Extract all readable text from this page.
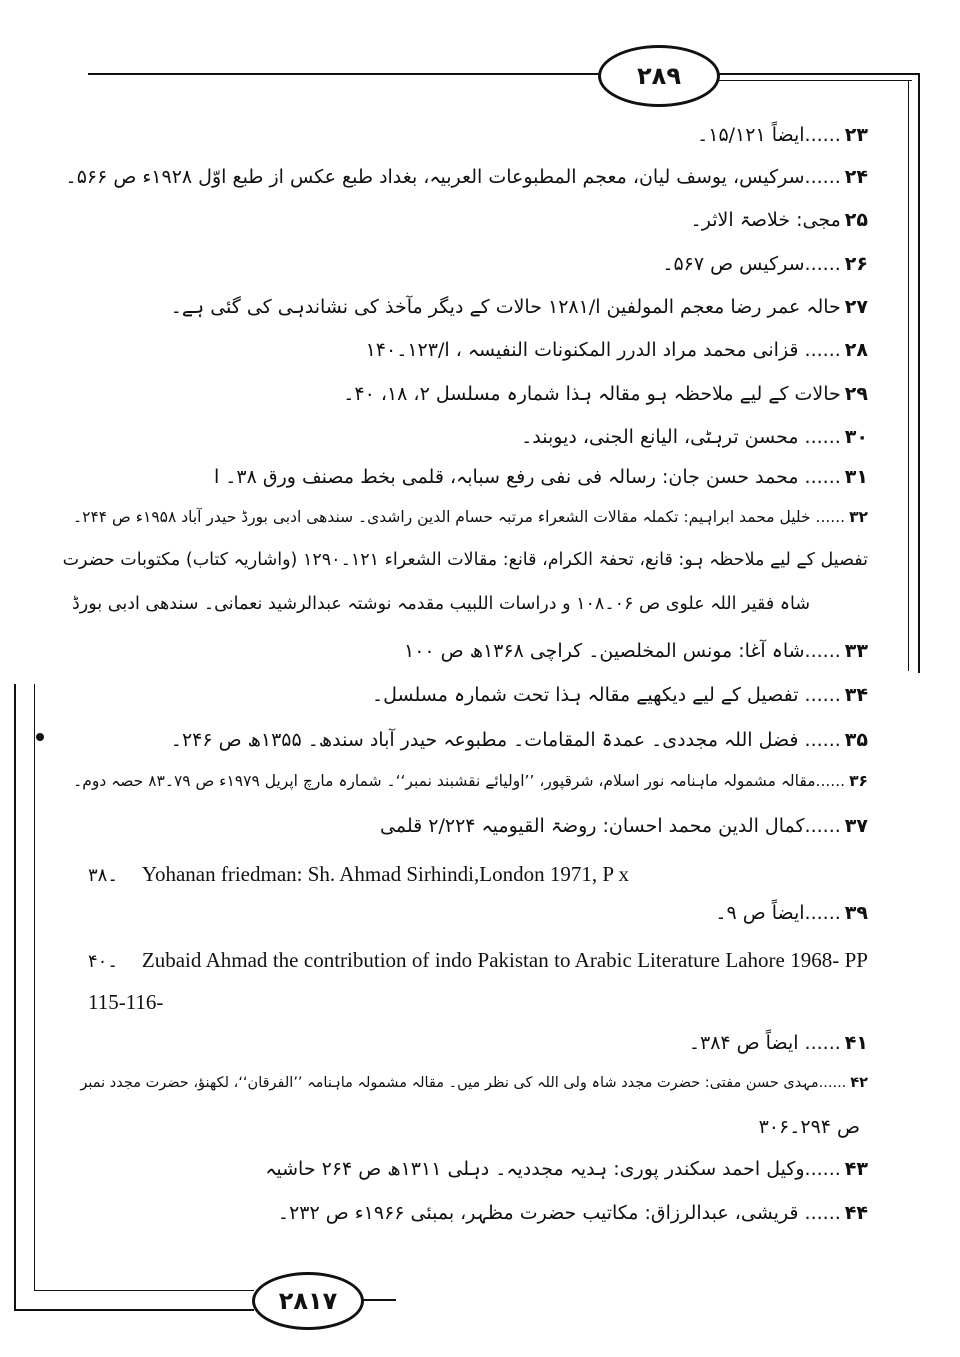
۲۸۹
۲۸۱۷
۲۳......ایضاً ۱۵/۱۲۱۔
۲۴......سرکیس، یوسف لیان، معجم المطبوعات العربیہ، بغداد طبع عکس از طبع اوّل ۱۹۲۸ء ص ۵۶۶۔
۲۵مجی: خلاصۃ الاثر۔
۲۶......سرکیس ص ۵۶۷۔
۲۷حالہ عمر رضا معجم المولفین ا/۱۲۸۱ حالات کے دیگر مآخذ کی نشاندہی کی گئی ہے۔
۲۸...... قزانی محمد مراد الدرر المکنونات النفیسہ ، ا/۱۲۳۔۱۴۰
۲۹حالات کے لیے ملاحظہ ہو مقالہ ہذا شمارہ مسلسل ۲، ۱۸، ۴۰۔
۳۰...... محسن ترہٹی، الیانع الجنی، دیوبند۔
۳۱...... محمد حسن جان: رسالہ فی نفی رفع سبابہ، قلمی بخط مصنف ورق ۳۸۔ ا
۳۲...... خلیل محمد ابراہیم: تکملہ مقالات الشعراء مرتبہ حسام الدین راشدی۔ سندھی ادبی بورڈ حیدر آباد ۱۹۵۸ء ص ۲۴۴۔
تفصیل کے لیے ملاحظہ ہو: قانع، تحفۃ الکرام، قانع: مقالات الشعراء ۱۲۱۔۱۲۹۰ (واشاریہ کتاب) مکتوبات حضرت
شاہ فقیر اللہ علوی ص ۰۶۔۱۰۸ و دراسات اللبیب مقدمہ نوشتہ عبدالرشید نعمانی۔ سندھی ادبی بورڈ
۳۳......شاہ آغا: مونس المخلصین۔ کراچی ۱۳۶۸ھ ص ۱۰۰
۳۴...... تفصیل کے لیے دیکھیے مقالہ ہذا تحت شمارہ مسلسل۔
۳۵...... فضل اللہ مجددی۔ عمدۃ المقامات۔ مطبوعہ حیدر آباد سندھ۔ ۱۳۵۵ھ ص ۲۴۶۔
۳۶......مقالہ مشمولہ ماہنامہ نور اسلام، شرقپور، ’’اولیائے نقشبند نمبر‘‘۔ شمارہ مارچ اپریل ۱۹۷۹ء ص ۷۹۔۸۳ حصہ دوم۔
۳۷......کمال الدین محمد احسان: روضۃ القیومیہ ۲/۲۲۴ قلمی
۳۸۔ Yohanan friedman: Sh. Ahmad Sirhindi,London 1971, P x
۳۹......ایضاً ص ۹۔
۴۰۔ Zubaid Ahmad the contribution of indo Pakistan to Arabic Literature Lahore 1968- PP 115-116-
۴۱...... ایضاً ص ۳۸۴۔
۴۲......مہدی حسن مفتی: حضرت مجدد شاہ ولی اللہ کی نظر میں۔ مقالہ مشمولہ ماہنامہ ’’الفرقان‘‘، لکھنؤ، حضرت مجدد نمبر
ص ۲۹۴۔۳۰۶
۴۳......وکیل احمد سکندر پوری: ہدیہ مجددیہ۔ دہلی ۱۳۱۱ھ ص ۲۶۴ حاشیہ
۴۴...... قریشی، عبدالرزاق: مکاتیب حضرت مظہر، بمبئی ۱۹۶۶ء ص ۲۳۲۔
